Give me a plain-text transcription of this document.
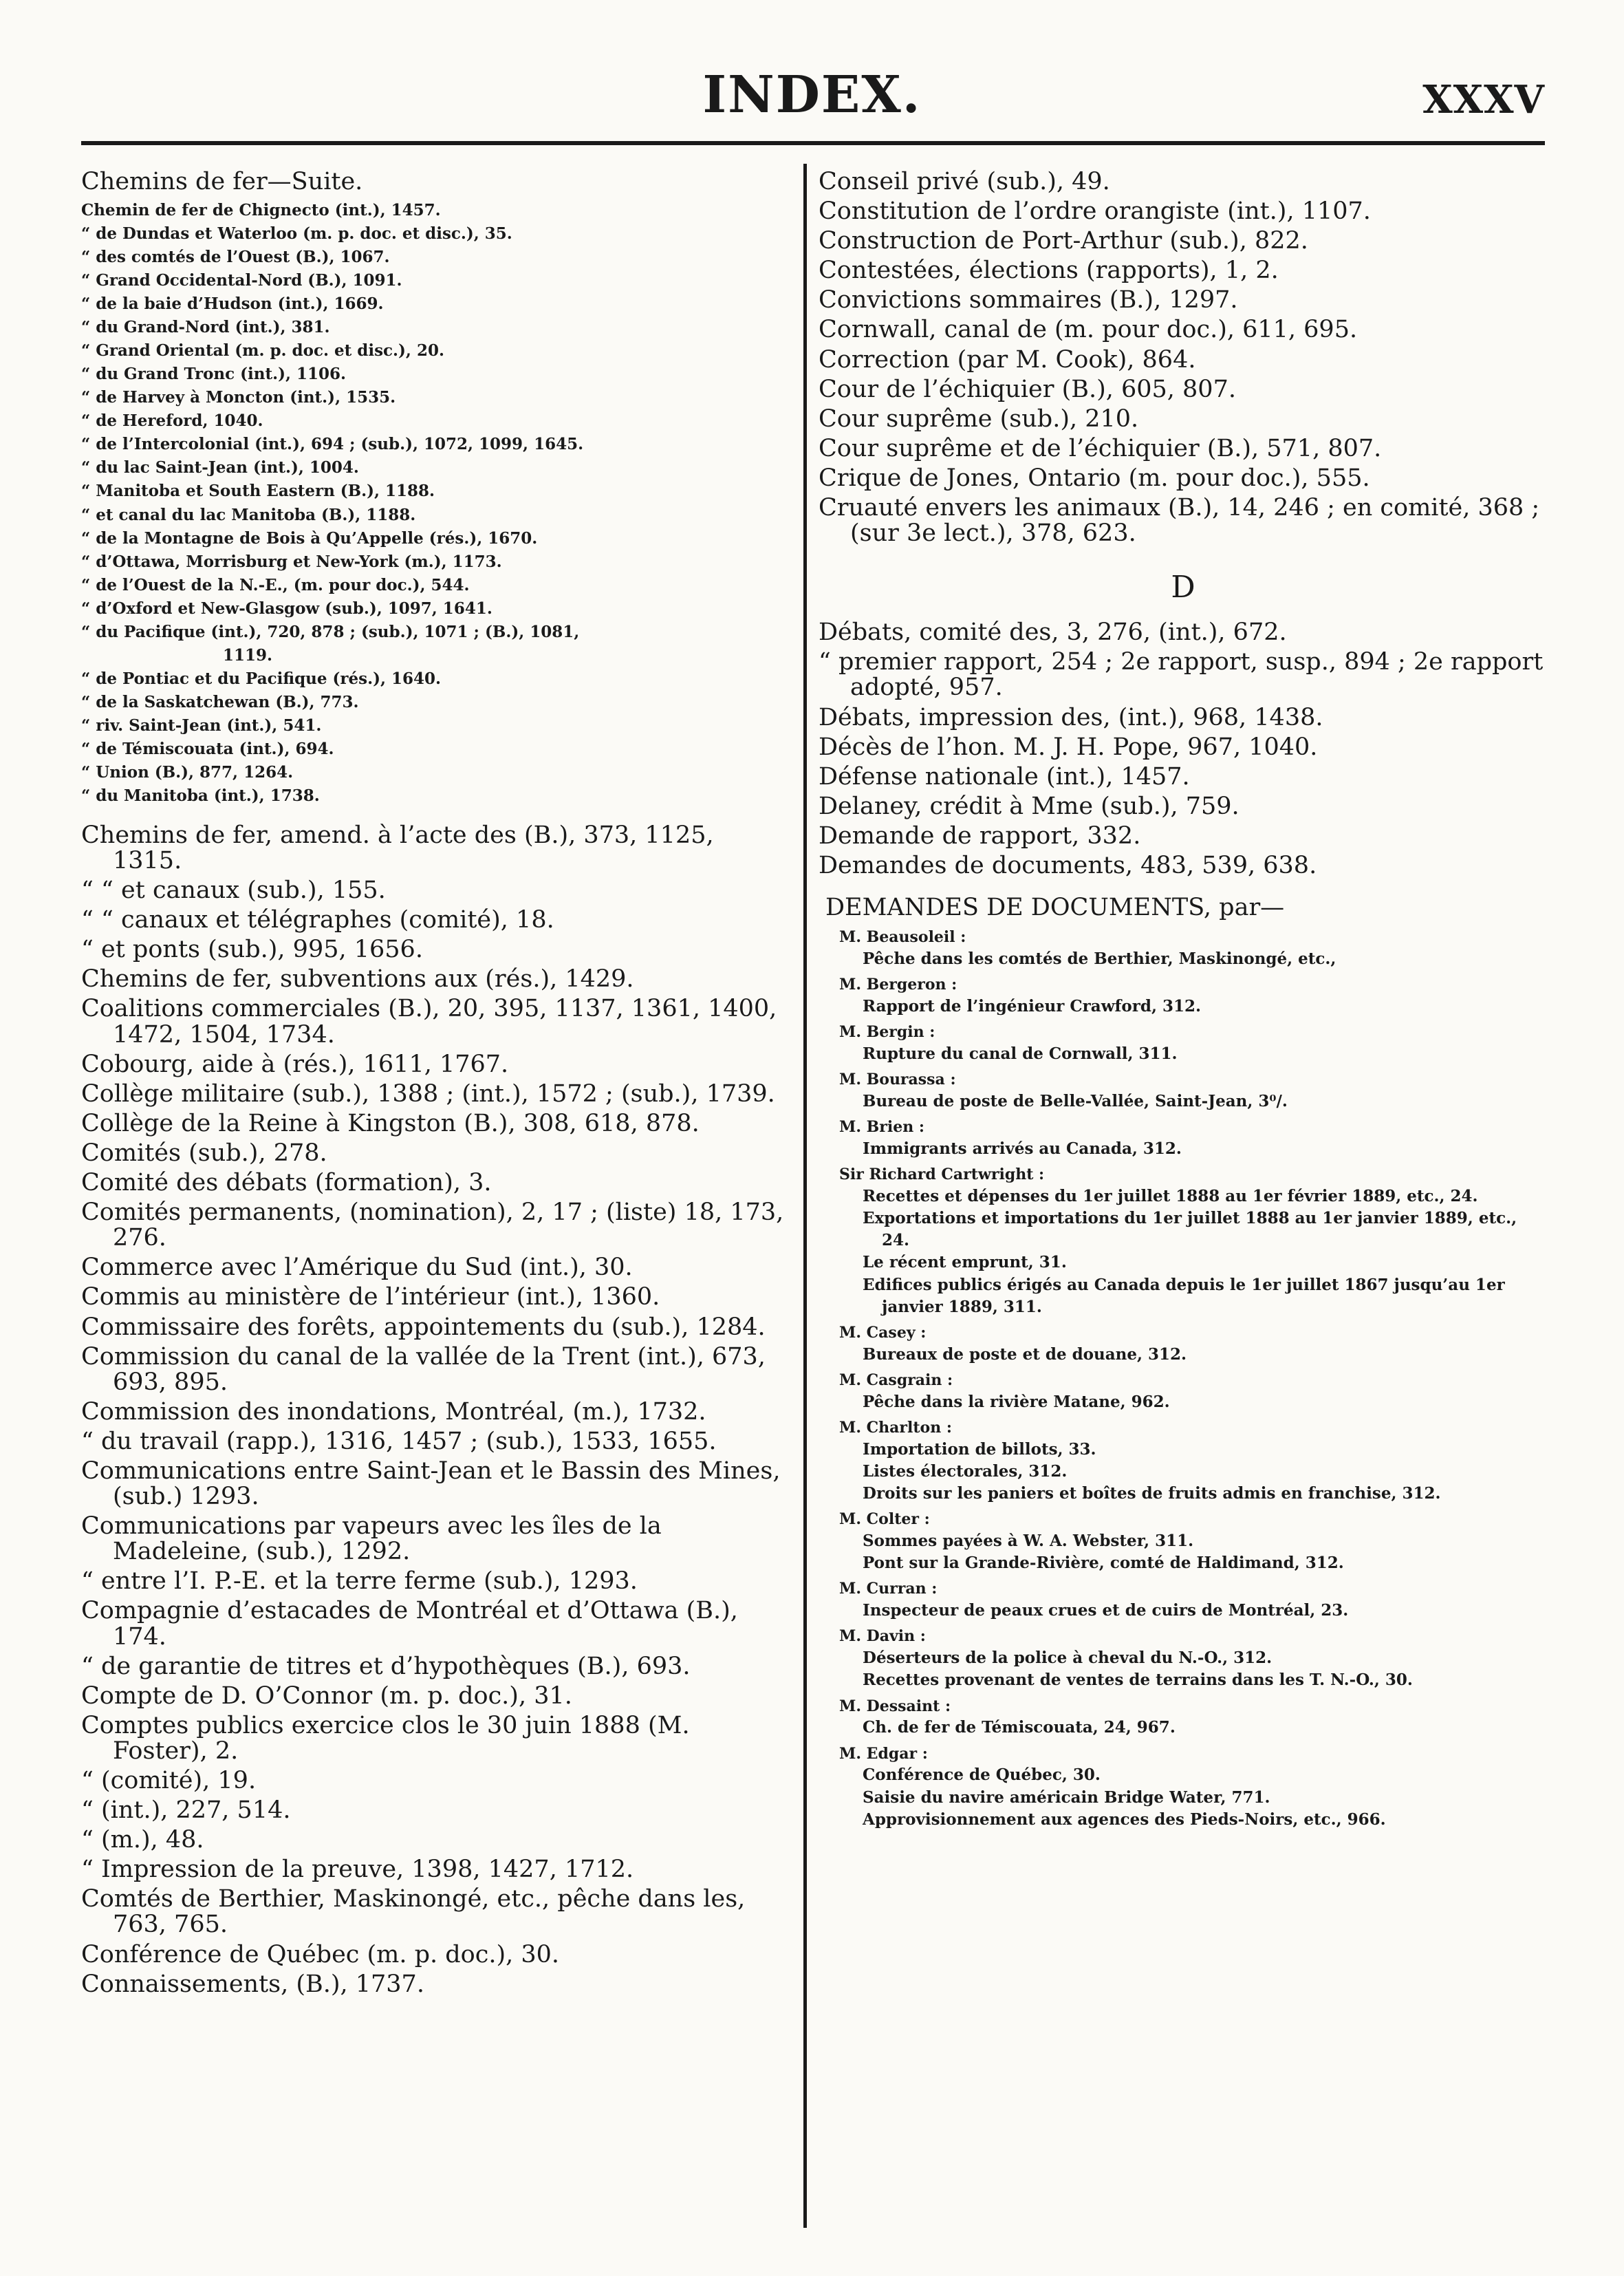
INDEX.	XXXV
Chemins de fer—Suite.
Chemin de fer de Chignecto (int.), 1457.
“ de Dundas et Waterloo (m. p. doc. et disc.), 35.
“ des comtés de l’Ouest (B.), 1067.
“ Grand Occidental-Nord (B.), 1091.
“ de la baie d’Hudson (int.), 1669.
“ du Grand-Nord (int.), 381.
“ Grand Oriental (m. p. doc. et disc.), 20.
“ du Grand Tronc (int.), 1106.
“ de Harvey à Moncton (int.), 1535.
“ de Hereford, 1040.
“ de l’Intercolonial (int.), 694 ; (sub.), 1072, 1099, 1645.
“ du lac Saint-Jean (int.), 1004.
“ Manitoba et South Eastern (B.), 1188.
“ et canal du lac Manitoba (B.), 1188.
“ de la Montagne de Bois à Qu’Appelle (rés.), 1670.
“ d’Ottawa, Morrisburg et New-York (m.), 1173.
“ de l’Ouest de la N.-E., (m. pour doc.), 544.
“ d’Oxford et New-Glasgow (sub.), 1097, 1641.
“ du Pacifique (int.), 720, 878 ; (sub.), 1071 ; (B.), 1081,
1119.
“ de Pontiac et du Pacifique (rés.), 1640.
“ de la Saskatchewan (B.), 773.
“ riv. Saint-Jean (int.), 541.
“ de Témiscouata (int.), 694.
“ Union (B.), 877, 1264.
“ du Manitoba (int.), 1738.
Chemins de fer, amend. à l’acte des (B.), 373, 1125, 1315.
“ “ et canaux (sub.), 155.
“ “ canaux et télégraphes (comité), 18.
“ et ponts (sub.), 995, 1656.
Chemins de fer, subventions aux (rés.), 1429.
Coalitions commerciales (B.), 20, 395, 1137, 1361, 1400, 1472, 1504, 1734.
Cobourg, aide à (rés.), 1611, 1767.
Collège militaire (sub.), 1388 ; (int.), 1572 ; (sub.), 1739.
Collège de la Reine à Kingston (B.), 308, 618, 878.
Comités (sub.), 278.
Comité des débats (formation), 3.
Comités permanents, (nomination), 2, 17 ; (liste) 18, 173, 276.
Commerce avec l’Amérique du Sud (int.), 30.
Commis au ministère de l’intérieur (int.), 1360.
Commissaire des forêts, appointements du (sub.), 1284.
Commission du canal de la vallée de la Trent (int.), 673, 693, 895.
Commission des inondations, Montréal, (m.), 1732.
“ du travail (rapp.), 1316, 1457 ; (sub.), 1533, 1655.
Communications entre Saint-Jean et le Bassin des Mines, (sub.) 1293.
Communications par vapeurs avec les îles de la Madeleine, (sub.), 1292.
“ entre l’I. P.-E. et la terre ferme (sub.), 1293.
Compagnie d’estacades de Montréal et d’Ottawa (B.), 174.
“ de garantie de titres et d’hypothèques (B.), 693.
Compte de D. O’Connor (m. p. doc.), 31.
Comptes publics exercice clos le 30 juin 1888 (M. Foster), 2.
“ (comité), 19.
“ (int.), 227, 514.
“ (m.), 48.
“ Impression de la preuve, 1398, 1427, 1712.
Comtés de Berthier, Maskinongé, etc., pêche dans les, 763, 765.
Conférence de Québec (m. p. doc.), 30.
Connaissements, (B.), 1737.
Conseil privé (sub.), 49.
Constitution de l’ordre orangiste (int.), 1107.
Construction de Port-Arthur (sub.), 822.
Contestées, élections (rapports), 1, 2.
Convictions sommaires (B.), 1297.
Cornwall, canal de (m. pour doc.), 611, 695.
Correction (par M. Cook), 864.
Cour de l’échiquier (B.), 605, 807.
Cour suprême (sub.), 210.
Cour suprême et de l’échiquier (B.), 571, 807.
Crique de Jones, Ontario (m. pour doc.), 555.
Cruauté envers les animaux (B.), 14, 246 ; en comité, 368 ; (sur 3e lect.), 378, 623.
D
Débats, comité des, 3, 276, (int.), 672.
“ premier rapport, 254 ; 2e rapport, susp., 894 ; 2e rapport adopté, 957.
Débats, impression des, (int.), 968, 1438.
Décès de l’hon. M. J. H. Pope, 967, 1040.
Défense nationale (int.), 1457.
Delaney, crédit à Mme (sub.), 759.
Demande de rapport, 332.
Demandes de documents, 483, 539, 638.
DEMANDES DE DOCUMENTS, par—
M. Beausoleil :
Pêche dans les comtés de Berthier, Maskinongé, etc.,
M. Bergeron :
Rapport de l’ingénieur Crawford, 312.
M. Bergin :
Rupture du canal de Cornwall, 311.
M. Bourassa :
Bureau de poste de Belle-Vallée, Saint-Jean, 3⁰/.
M. Brien :
Immigrants arrivés au Canada, 312.
Sir Richard Cartwright :
Recettes et dépenses du 1er juillet 1888 au 1er février 1889, etc., 24.
Exportations et importations du 1er juillet 1888 au 1er janvier 1889, etc., 24.
Le récent emprunt, 31.
Edifices publics érigés au Canada depuis le 1er juillet 1867 jusqu’au 1er janvier 1889, 311.
M. Casey :
Bureaux de poste et de douane, 312.
M. Casgrain :
Pêche dans la rivière Matane, 962.
M. Charlton :
Importation de billots, 33.
Listes électorales, 312.
Droits sur les paniers et boîtes de fruits admis en franchise, 312.
M. Colter :
Sommes payées à W. A. Webster, 311.
Pont sur la Grande-Rivière, comté de Haldimand, 312.
M. Curran :
Inspecteur de peaux crues et de cuirs de Montréal, 23.
M. Davin :
Déserteurs de la police à cheval du N.-O., 312.
Recettes provenant de ventes de terrains dans les T. N.-O., 30.
M. Dessaint :
Ch. de fer de Témiscouata, 24, 967.
M. Edgar :
Conférence de Québec, 30.
Saisie du navire américain Bridge Water, 771.
Approvisionnement aux agences des Pieds-Noirs, etc., 966.
